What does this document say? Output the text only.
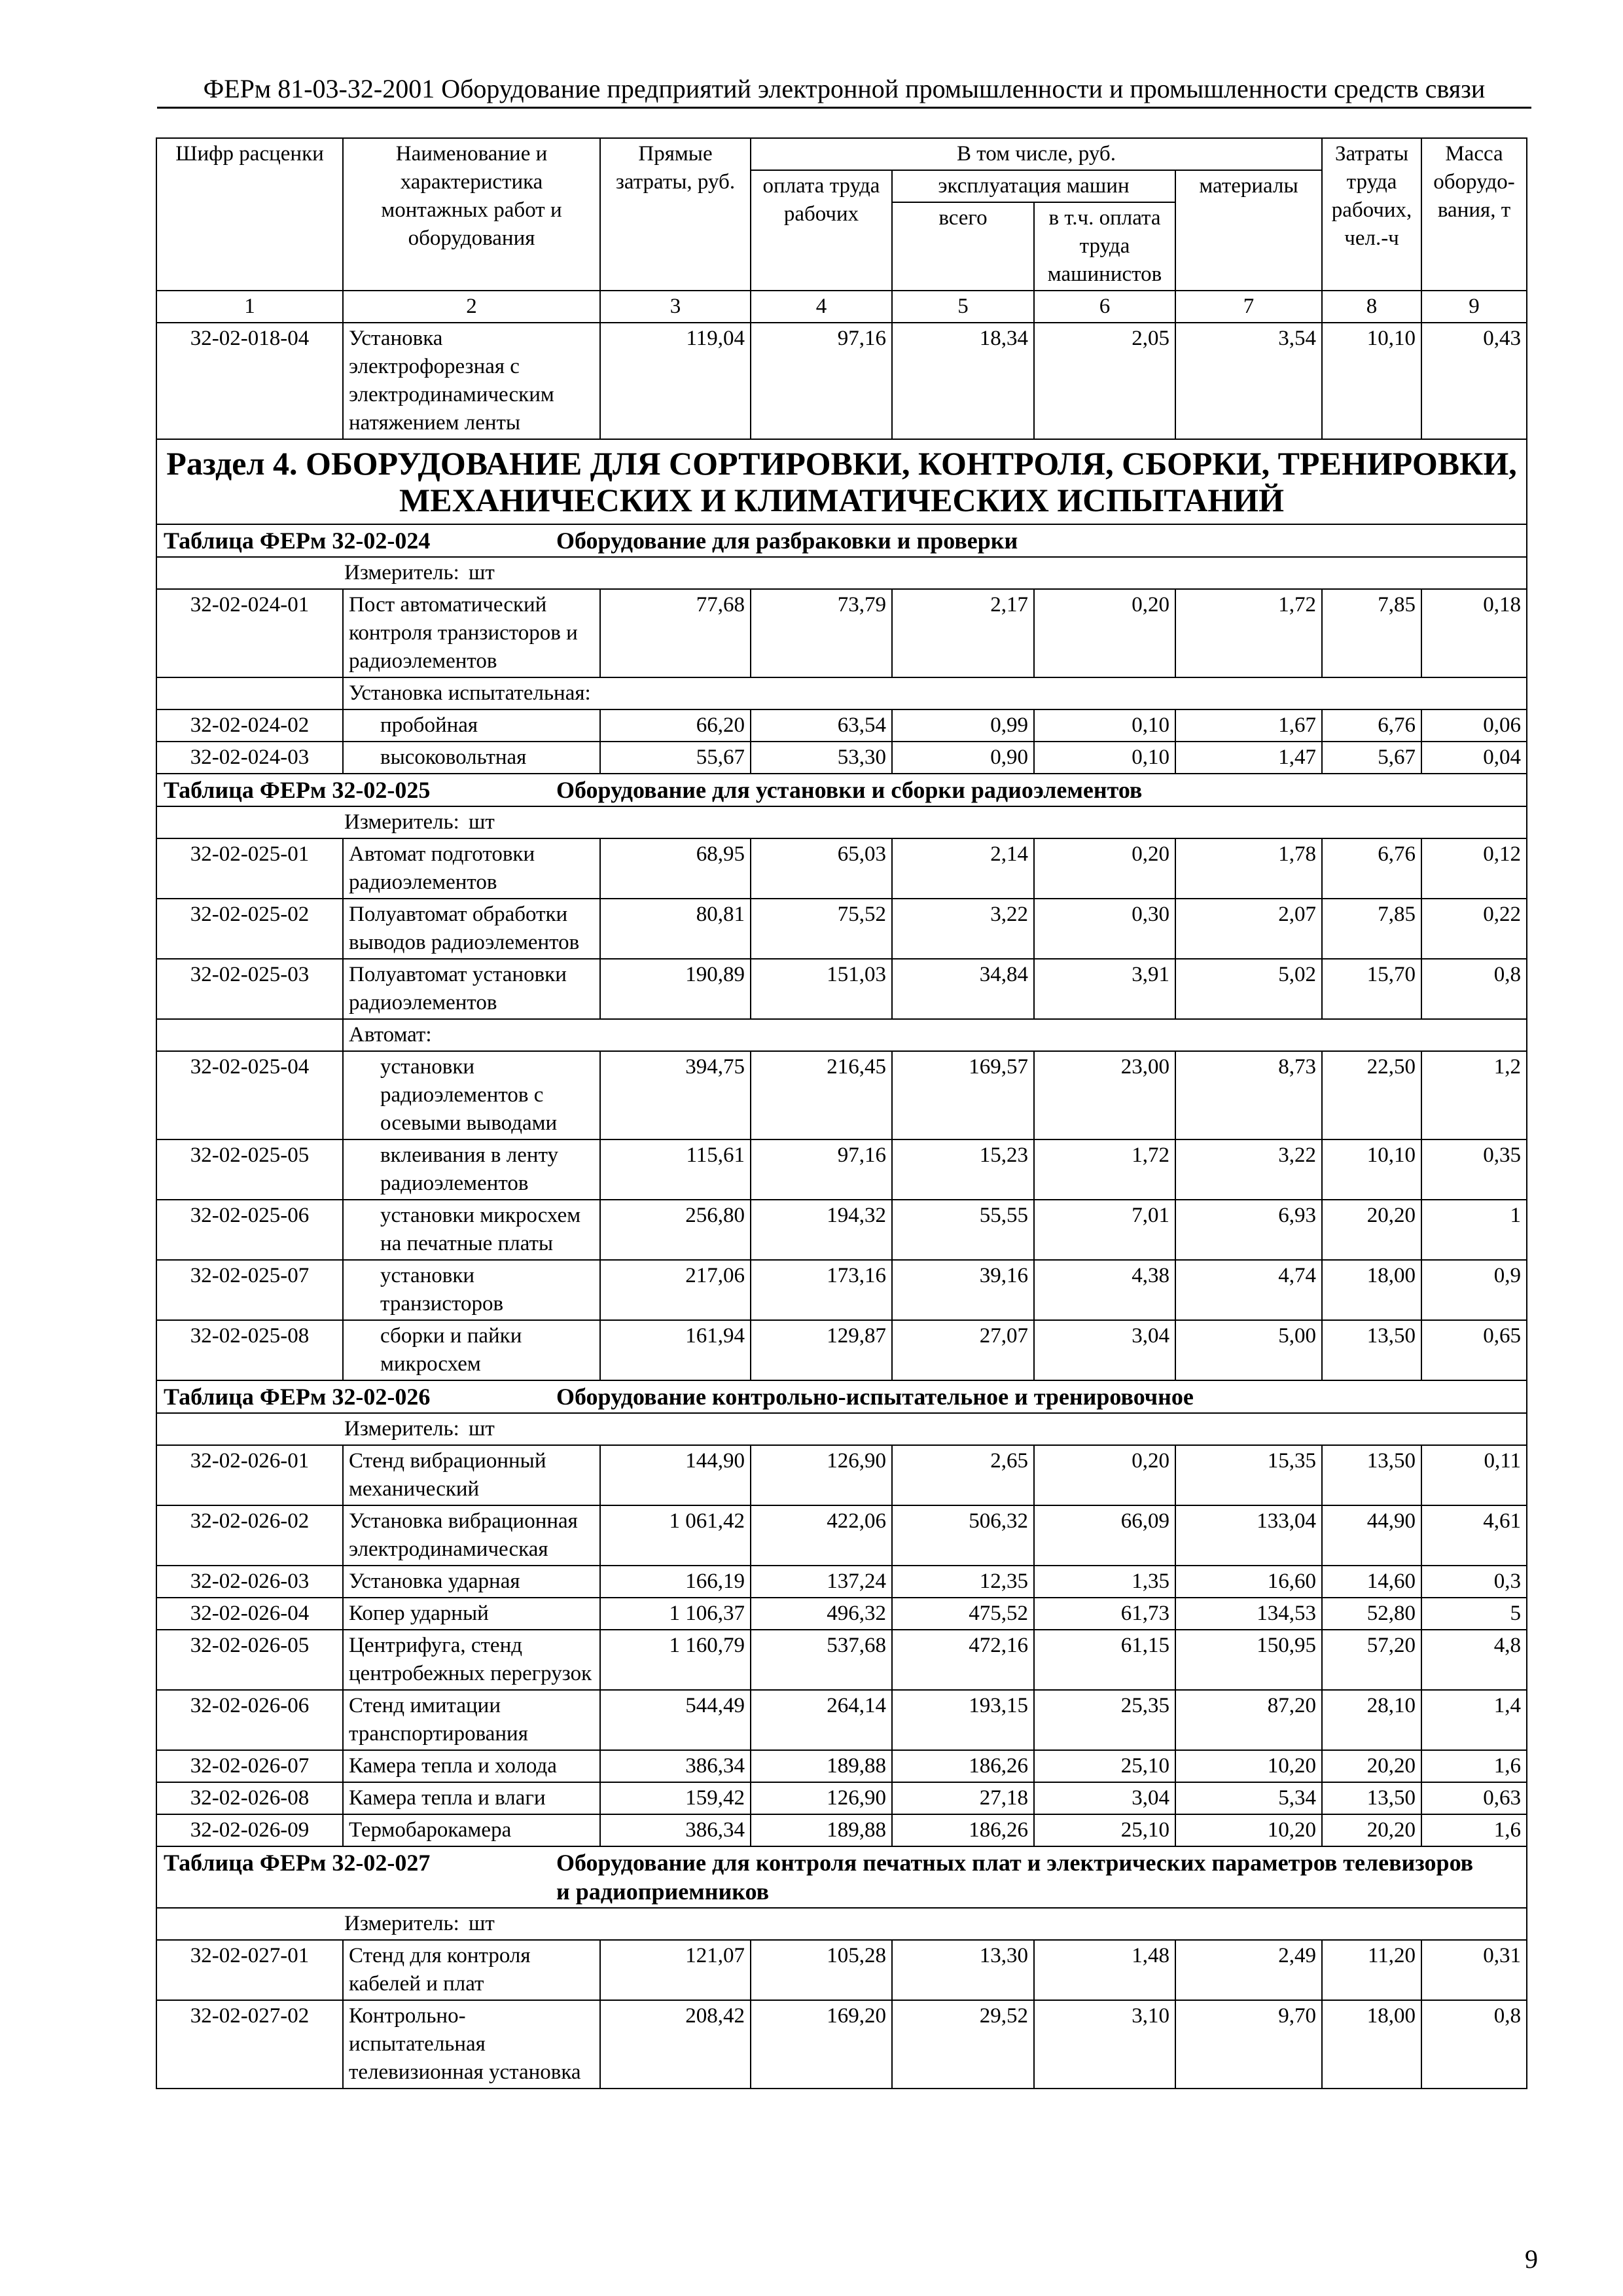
ФЕРм 81-03-32-2001 Оборудование предприятий электронной промышленности и промышленности средств связи
Шифр расценки	Наименование и характеристика монтажных работ и оборудования	Прямые затраты, руб.	В том числе, руб.				Затраты труда рабочих, чел.-ч	Масса оборудо-вания, т
			оплата труда рабочих	эксплуатация машин		материалы		
				всего	в т.ч. оплата труда машинистов			
1	2	3	4	5	6	7	8	9
32-02-018-04	Установка электрофорезная с электродинамическим натяжением ленты	119,04	97,16	18,34	2,05	3,54	10,10	0,43
Раздел 4. ОБОРУДОВАНИЕ ДЛЯ СОРТИРОВКИ, КОНТРОЛЯ, СБОРКИ, ТРЕНИРОВКИ, МЕХАНИЧЕСКИХ И КЛИМАТИЧЕСКИХ ИСПЫТАНИЙ								
Таблица ФЕРм 32-02-024 Оборудование для разбраковки и проверки								
Измеритель: шт								
32-02-024-01	Пост автоматический контроля транзисторов и радиоэлементов	77,68	73,79	2,17	0,20	1,72	7,85	0,18
	Установка испытательная:							
32-02-024-02	пробойная	66,20	63,54	0,99	0,10	1,67	6,76	0,06
32-02-024-03	высоковольтная	55,67	53,30	0,90	0,10	1,47	5,67	0,04
Таблица ФЕРм 32-02-025 Оборудование для установки и сборки радиоэлементов								
Измеритель: шт								
32-02-025-01	Автомат подготовки радиоэлементов	68,95	65,03	2,14	0,20	1,78	6,76	0,12
32-02-025-02	Полуавтомат обработки выводов радиоэлементов	80,81	75,52	3,22	0,30	2,07	7,85	0,22
32-02-025-03	Полуавтомат установки радиоэлементов	190,89	151,03	34,84	3,91	5,02	15,70	0,8
	Автомат:							
32-02-025-04	установки радиоэлементов с осевыми выводами	394,75	216,45	169,57	23,00	8,73	22,50	1,2
32-02-025-05	вклеивания в ленту радиоэлементов	115,61	97,16	15,23	1,72	3,22	10,10	0,35
32-02-025-06	установки микросхем на печатные платы	256,80	194,32	55,55	7,01	6,93	20,20	1
32-02-025-07	установки транзисторов	217,06	173,16	39,16	4,38	4,74	18,00	0,9
32-02-025-08	сборки и пайки микросхем	161,94	129,87	27,07	3,04	5,00	13,50	0,65
Таблица ФЕРм 32-02-026 Оборудование контрольно-испытательное и тренировочное								
Измеритель: шт								
32-02-026-01	Стенд вибрационный механический	144,90	126,90	2,65	0,20	15,35	13,50	0,11
32-02-026-02	Установка вибрационная электродинамическая	1 061,42	422,06	506,32	66,09	133,04	44,90	4,61
32-02-026-03	Установка ударная	166,19	137,24	12,35	1,35	16,60	14,60	0,3
32-02-026-04	Копер ударный	1 106,37	496,32	475,52	61,73	134,53	52,80	5
32-02-026-05	Центрифуга, стенд центробежных перегрузок	1 160,79	537,68	472,16	61,15	150,95	57,20	4,8
32-02-026-06	Стенд имитации транспортирования	544,49	264,14	193,15	25,35	87,20	28,10	1,4
32-02-026-07	Камера тепла и холода	386,34	189,88	186,26	25,10	10,20	20,20	1,6
32-02-026-08	Камера тепла и влаги	159,42	126,90	27,18	3,04	5,34	13,50	0,63
32-02-026-09	Термобарокамера	386,34	189,88	186,26	25,10	10,20	20,20	1,6
Таблица ФЕРм 32-02-027 Оборудование для контроля печатных плат и электрических параметров телевизоров и радиоприемников								
Измеритель: шт								
32-02-027-01	Стенд для контроля кабелей и плат	121,07	105,28	13,30	1,48	2,49	11,20	0,31
32-02-027-02	Контрольно-испытательная телевизионная установка	208,42	169,20	29,52	3,10	9,70	18,00	0,8
9
